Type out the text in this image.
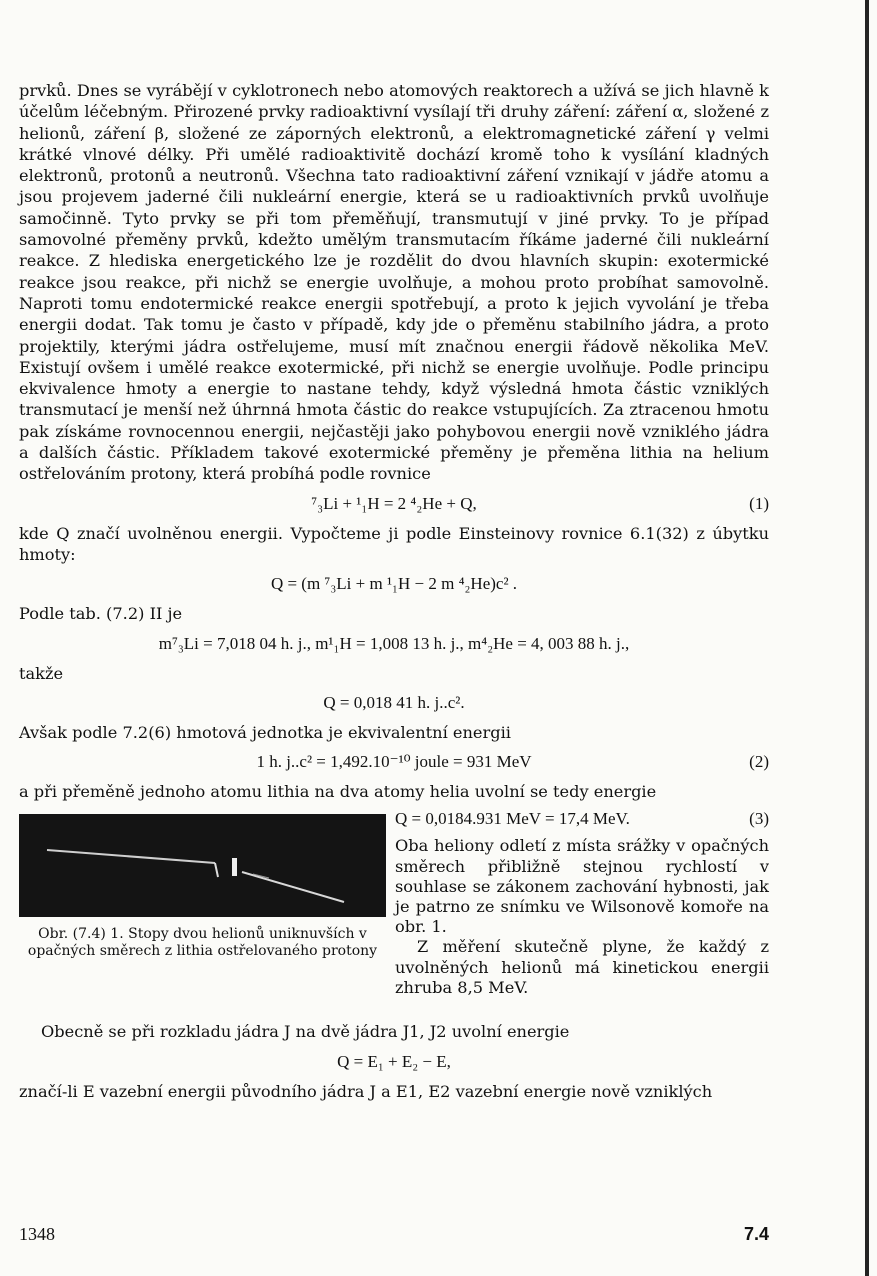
prvků. Dnes se vyrábějí v cyklotronech nebo atomových reaktorech a užívá se jich hlavně k účelům léčebným. Přirozené prvky radioaktivní vysílají tři druhy záření: záření α, složené z helionů, záření β, složené ze záporných elektronů, a elektromagnetické záření γ velmi krátké vlnové délky. Při umělé radioaktivitě dochází kromě toho k vysílání kladných elektronů, protonů a neutronů. Všechna tato radioaktivní záření vznikají v jádře atomu a jsou projevem jaderné čili nukleární energie, která se u radioaktivních prvků uvolňuje samočinně. Tyto prvky se při tom přeměňují, transmutují v jiné prvky. To je případ samovolné přeměny prvků, kdežto umělým transmutacím říkáme jaderné čili nukleární reakce. Z hlediska energetického lze je rozdělit do dvou hlavních skupin: exotermické reakce jsou reakce, při nichž se energie uvolňuje, a mohou proto probíhat samovolně. Naproti tomu endotermické reakce energii spotřebují, a proto k jejich vyvolání je třeba energii dodat. Tak tomu je často v případě, kdy jde o přeměnu stabilního jádra, a proto projektily, kterými jádra ostřelujeme, musí mít značnou energii řádově několika MeV. Existují ovšem i umělé reakce exotermické, při nichž se energie uvolňuje. Podle principu ekvivalence hmoty a energie to nastane tehdy, když výsledná hmota částic vzniklých transmutací je menší než úhrnná hmota částic do reakce vstupujících. Za ztracenou hmotu pak získáme rovnocennou energii, nejčastěji jako pohybovou energii nově vzniklého jádra a dalších částic. Příkladem takové exotermické přeměny je přeměna lithia na helium ostřelováním protony, která probíhá podle rovnice

⁷₃Li + ¹₁H = 2 ⁴₂He + Q,	(1)

kde Q značí uvolněnou energii. Vypočteme ji podle Einsteinovy rovnice 6.1(32) z úbytku hmoty:

Q = (m ⁷₃Li + m ¹₁H − 2 m ⁴₂He)c² .

Podle tab. (7.2) II je

m⁷₃Li = 7,018 04 h. j., m¹₁H = 1,008 13 h. j., m⁴₂He = 4, 003 88 h. j.,

takže

Q = 0,018 41 h. j..c².

Avšak podle 7.2(6) hmotová jednotka je ekvivalentní energii

1 h. j..c² = 1,492.10⁻¹⁰ joule = 931 MeV	(2)

a při přeměně jednoho atomu lithia na dva atomy helia uvolní se tedy energie

Obr. (7.4) 1. Stopy dvou helionů uniknuvších v opačných směrech z lithia ostřelovaného protony
Q = 0,0184.931 MeV = 17,4 MeV.	(3)

Oba heliony odletí z místa srážky v opačných směrech přibližně stejnou rychlostí v souhlase se zákonem zachování hybnosti, jak je patrno ze snímku ve Wilsonově komoře na obr. 1.

Z měření skutečně plyne, že každý z uvolněných helionů má kinetickou energii zhruba 8,5 MeV.

Obecně se při rozkladu jádra J na dvě jádra J1, J2 uvolní energie

Q = E₁ + E₂ − E,

značí-li E vazební energii původního jádra J a E1, E2 vazební energie nově vzniklých

1348	7.4
